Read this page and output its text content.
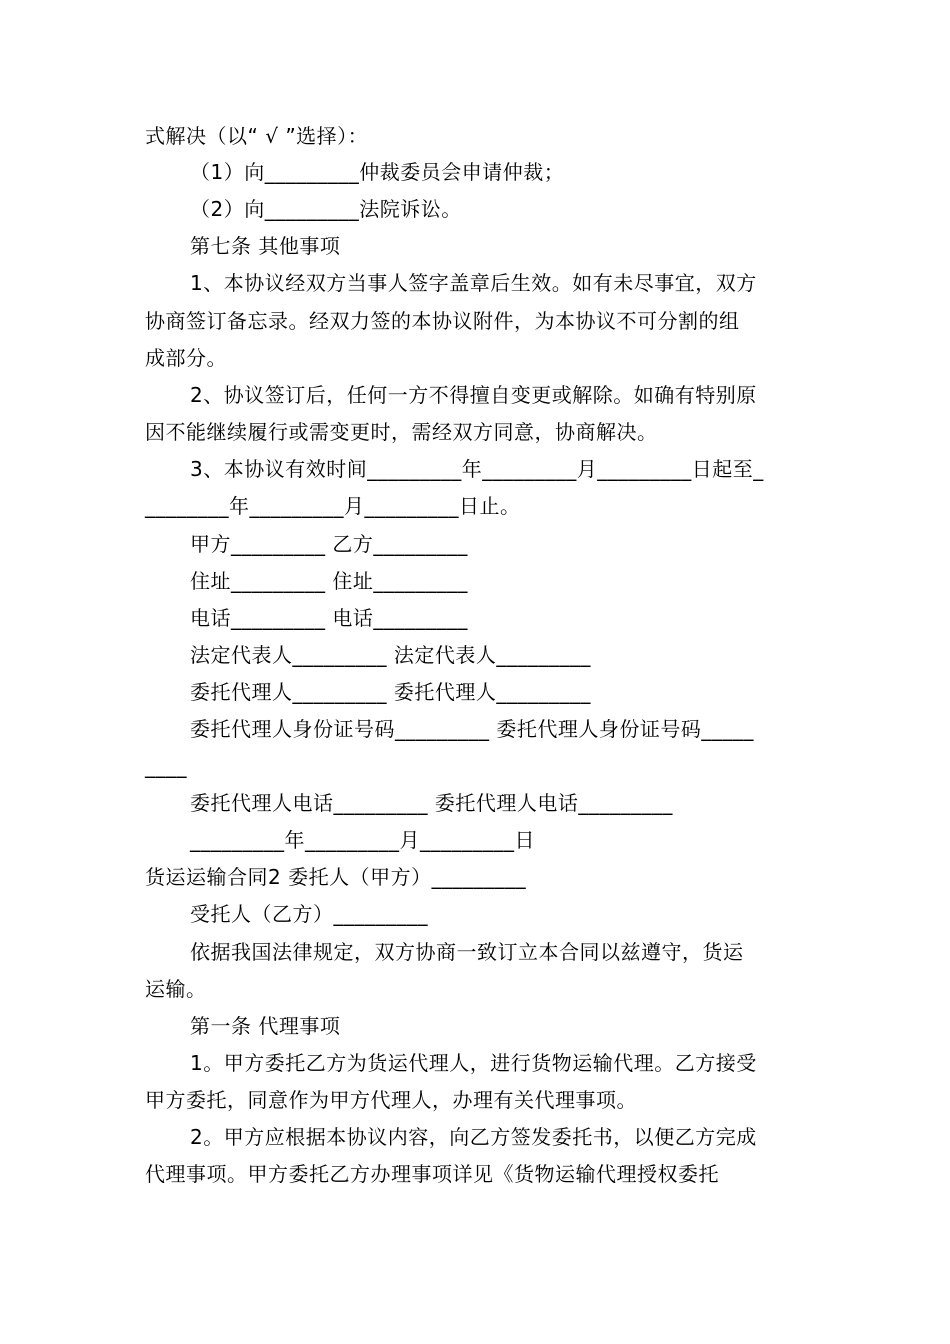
式解决（以“ √ ”选择）：
（1）向_________仲裁委员会申请仲裁；
（2）向_________法院诉讼。
第七条 其他事项
1、本协议经双方当事人签字盖章后生效。如有未尽事宜，双方
协商签订备忘录。经双力签的本协议附件，为本协议不可分割的组
成部分。
2、协议签订后，任何一方不得擅自变更或解除。如确有特别原
因不能继续履行或需变更时，需经双方同意，协商解决。
3、本协议有效时间_________年_________月_________日起至_
________年_________月_________日止。
甲方_________ 乙方_________
住址_________ 住址_________
电话_________ 电话_________
法定代表人_________ 法定代表人_________
委托代理人_________ 委托代理人_________
委托代理人身份证号码_________ 委托代理人身份证号码_____
____
委托代理人电话_________ 委托代理人电话_________
_________年_________月_________日
货运运输合同2 委托人（甲方）_________
受托人（乙方）_________
依据我国法律规定，双方协商一致订立本合同以兹遵守，货运
运输。
第一条 代理事项
1。甲方委托乙方为货运代理人，进行货物运输代理。乙方接受
甲方委托，同意作为甲方代理人，办理有关代理事项。
2。甲方应根据本协议内容，向乙方签发委托书，以便乙方完成
代理事项。甲方委托乙方办理事项详见《货物运输代理授权委托
